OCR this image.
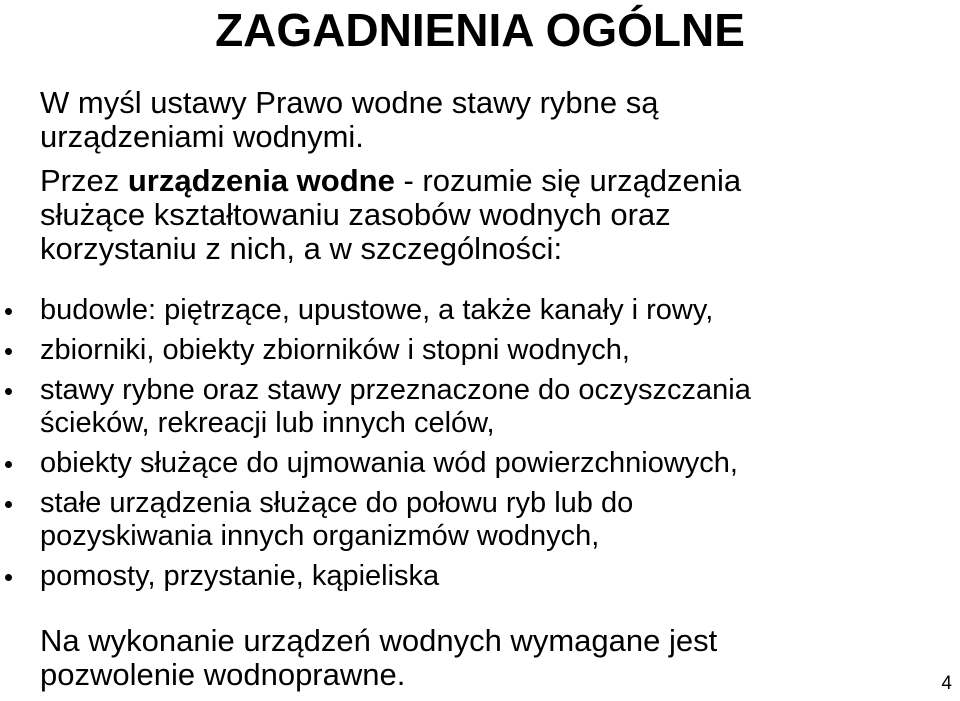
ZAGADNIENIA OGÓLNE
W myśl ustawy Prawo wodne stawy rybne są
urządzeniami wodnymi.
Przez urządzenia wodne - rozumie się urządzenia
służące kształtowaniu zasobów wodnych oraz
korzystaniu z nich, a w szczególności:
budowle: piętrzące, upustowe, a także kanały i rowy,
zbiorniki, obiekty zbiorników i stopni wodnych,
stawy rybne oraz stawy przeznaczone do oczyszczania
ścieków, rekreacji lub innych celów,
obiekty służące do ujmowania wód powierzchniowych,
stałe urządzenia służące do połowu ryb lub do
pozyskiwania innych organizmów wodnych,
pomosty, przystanie, kąpieliska
Na wykonanie urządzeń wodnych wymagane jest
pozwolenie wodnoprawne.	4
